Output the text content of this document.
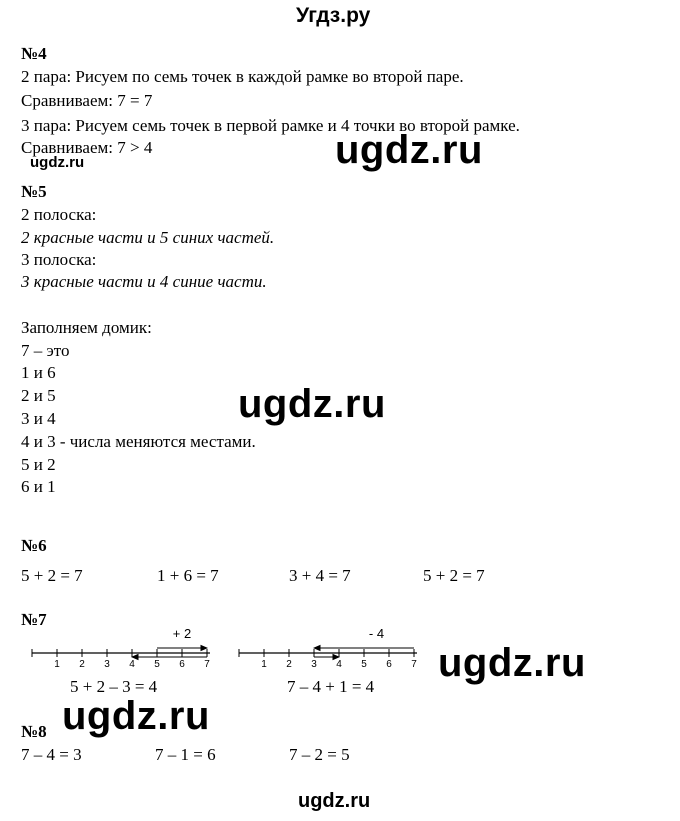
Угдз.ру
№4
2 пара: Рисуем по семь точек в каждой рамке во второй паре.
Сравниваем: 7 = 7
3 пара: Рисуем семь точек в первой рамке и 4 точки во второй рамке.
Сравниваем: 7 > 4
ugdz.ru	ugdz.ru
№5
2 полоска:
2 красные части и 5 синих частей.
3 полоска:
3 красные части и 4 синие части.
Заполняем домик:
7 – это
1 и 6
2 и 5
3 и 4
4 и 3 - числа меняются местами.
5 и 2
6 и 1
ugdz.ru
№6
5 + 2 = 7	1 + 6 = 7	3 + 4 = 7	5 + 2 = 7
№7
1 2 3 4 5 6 7
+ 2
1 2 3 4 5 6 7
- 4
5 + 2 – 3 = 4	7 – 4 + 1 = 4
ugdz.ru
№8
7 – 4 = 3	7 – 1 = 6	7 – 2 = 5
ugdz.ru
ugdz.ru
